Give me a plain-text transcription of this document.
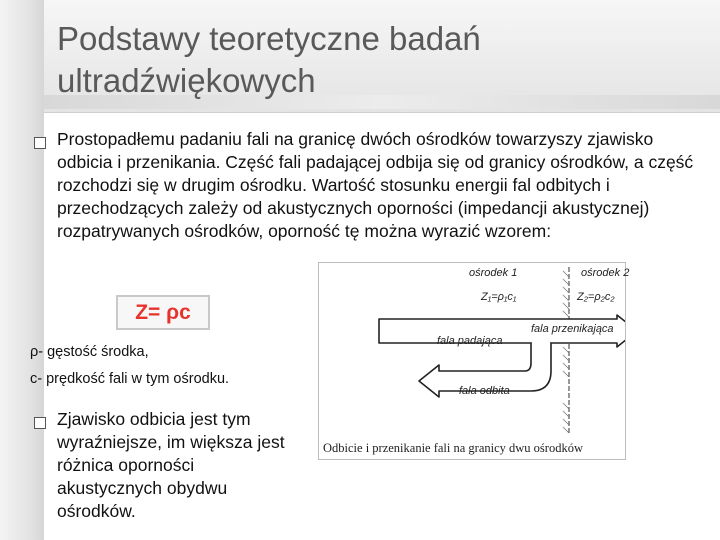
Podstawy teoretyczne badań ultradźwiękowych
Prostopadłemu padaniu fali na granicę dwóch ośrodków towarzyszy zjawisko odbicia i przenikania. Część fali padającej odbija się od granicy ośrodków, a część rozchodzi się w drugim ośrodku. Wartość stosunku energii fal odbitych i przechodzących zależy od akustycznych oporności (impedancji akustycznej) rozpatrywanych ośrodków, oporność tę można wyrazić wzorem:
Z= ρc
ρ- gęstość środka,
c- prędkość fali w tym ośrodku.
Zjawisko odbicia jest tym wyraźniejsze, im większa jest różnica oporności akustycznych obydwu ośrodków.
ośrodek 1	ośrodek 2
Z₁=ρ₁c₁	Z₂=ρ₂c₂
fala przenikająca
fala padająca
fala odbita
Odbicie i przenikanie fali na granicy dwu ośrodków
